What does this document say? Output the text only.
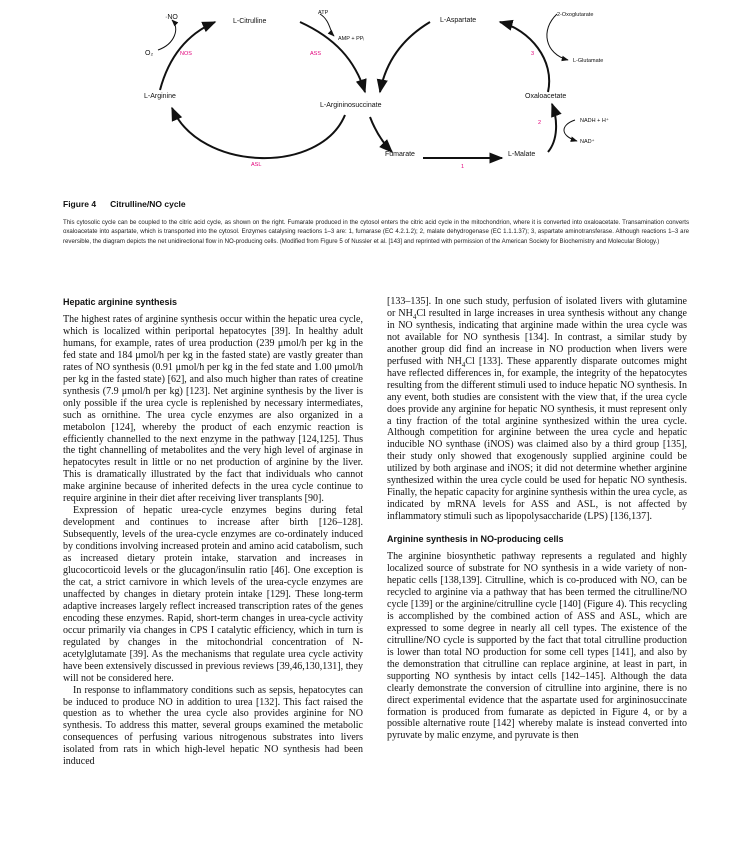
·NO
O₂
L-Citrulline
ATP
AMP + PPᵢ
L-Aspartate
2-Oxoglutarate
L-Glutamate
L-Arginine
L-Argininosuccinate
Oxaloacetate
NADH + H⁺
NAD⁺
Fumarate	L-Malate
NOS	ASS
ASL	1
2
3
Figure 4 Citrulline/NO cycle
This cytosolic cycle can be coupled to the citric acid cycle, as shown on the right. Fumarate produced in the cytosol enters the citric acid cycle in the mitochondrion, where it is converted into oxaloacetate. Transamination converts oxaloacetate into aspartate, which is transported into the cytosol. Enzymes catalysing reactions 1–3 are: 1, fumarase (EC 4.2.1.2); 2, malate dehydrogenase (EC 1.1.1.37); 3, aspartate aminotransferase. Although reactions 1–3 are reversible, the diagram depicts the net unidirectional flow in NO-producing cells. (Modified from Figure 5 of Nussler et al. [143] and reprinted with permission of the American Society for Biochemistry and Molecular Biology.)
Hepatic arginine synthesis

The highest rates of arginine synthesis occur within the hepatic urea cycle, which is localized within periportal hepatocytes [39]. In healthy adult humans, for example, rates of urea production (239 μmol/h per kg in the fed state and 184 μmol/h per kg in the fasted state) are vastly greater than rates of NO synthesis (0.91 μmol/h per kg in the fed state and 1.00 μmol/h per kg in the fasted state) [62], and also much higher than rates of creatine synthesis (7.9 μmol/h per kg) [123]. Net arginine synthesis by the liver is only possible if the urea cycle is replenished by necessary intermediates, such as ornithine. The urea cycle enzymes are also organized in a metabolon [124], whereby the product of each enzymic reaction is efficiently channelled to the next enzyme in the pathway [124,125]. Thus the tight channelling of metabolites and the very high level of arginase in hepatocytes result in little or no net production of arginine by the liver. This is dramatically illustrated by the fact that individuals who cannot make arginine because of inherited defects in the urea cycle continue to require arginine in their diet after receiving liver transplants [90].

Expression of hepatic urea-cycle enzymes begins during fetal development and continues to increase after birth [126–128]. Subsequently, levels of the urea-cycle enzymes are co-ordinately induced by conditions involving increased protein and amino acid catabolism, such as increased dietary protein intake, starvation and increases in glucocorticoid levels or the glucagon/insulin ratio [46]. One exception is the cat, a strict carnivore in which levels of the urea-cycle enzymes are unaffected by changes in dietary protein intake [129]. These long-term adaptive increases largely reflect increased transcription rates of the genes encoding these enzymes. Rapid, short-term changes in urea-cycle activity occur primarily via changes in CPS I catalytic efficiency, which in turn is regulated by changes in the mitochondrial concentration of N-acetylglutamate [39]. As the mechanisms that regulate urea cycle activity have been extensively discussed in previous reviews [39,46,130,131], they will not be considered here.

In response to inflammatory conditions such as sepsis, hepatocytes can be induced to produce NO in addition to urea [132]. This fact raised the question as to whether the urea cycle also provides arginine for NO synthesis. To address this matter, several groups examined the metabolic consequences of perfusing various nitrogenous substrates into livers isolated from rats in which high-level hepatic NO synthesis had been induced

[133–135]. In one such study, perfusion of isolated livers with glutamine or $NH_4Cl$ resulted in large increases in urea synthesis without any change in NO synthesis, indicating that arginine made within the urea cycle was not available for NO synthesis [134]. In contrast, a similar study by another group did find an increase in NO production when livers were perfused with $NH_4Cl$ [133]. These apparently disparate outcomes might have reflected differences in, for example, the integrity of the hepatocytes resulting from the different stimuli used to induce hepatic NO synthesis. In any event, both studies are consistent with the view that, if the urea cycle does provide any arginine for hepatic NO synthesis, it must represent only a tiny fraction of the total arginine synthesized within the urea cycle. Although competition for arginine between the urea cycle and hepatic inducible NO synthase (iNOS) was claimed also by a third group [135], their study only showed that exogenously supplied arginine could be utilized by both arginase and iNOS; it did not determine whether arginine synthesized within the urea cycle could be used for hepatic NO synthesis. Finally, the hepatic capacity for arginine synthesis within the urea cycle, as indicated by mRNA levels for ASS and ASL, is not affected by inflammatory stimuli such as lipopolysaccharide (LPS) [136,137].

Arginine synthesis in NO-producing cells

The arginine biosynthetic pathway represents a regulated and highly localized source of substrate for NO synthesis in a wide variety of non-hepatic cells [138,139]. Citrulline, which is co-produced with NO, can be recycled to arginine via a pathway that has been termed the citrulline/NO cycle [139] or the arginine/citrulline cycle [140] (Figure 4). This recycling is accomplished by the combined action of ASS and ASL, which are expressed to some degree in nearly all cell types. The existence of the citrulline/NO cycle is supported by the fact that total citrulline production is lower than total NO production for some cell types [141], and also by the demonstration that citrulline can replace arginine, at least in part, in supporting NO synthesis by intact cells [142–145]. Although the data clearly demonstrate the conversion of citrulline into arginine, there is no direct experimental evidence that the aspartate used for argininosuccinate formation is produced from fumarate as depicted in Figure 4, or by a possible alternative route [142] whereby malate is instead converted into pyruvate by malic enzyme, and pyruvate is then
